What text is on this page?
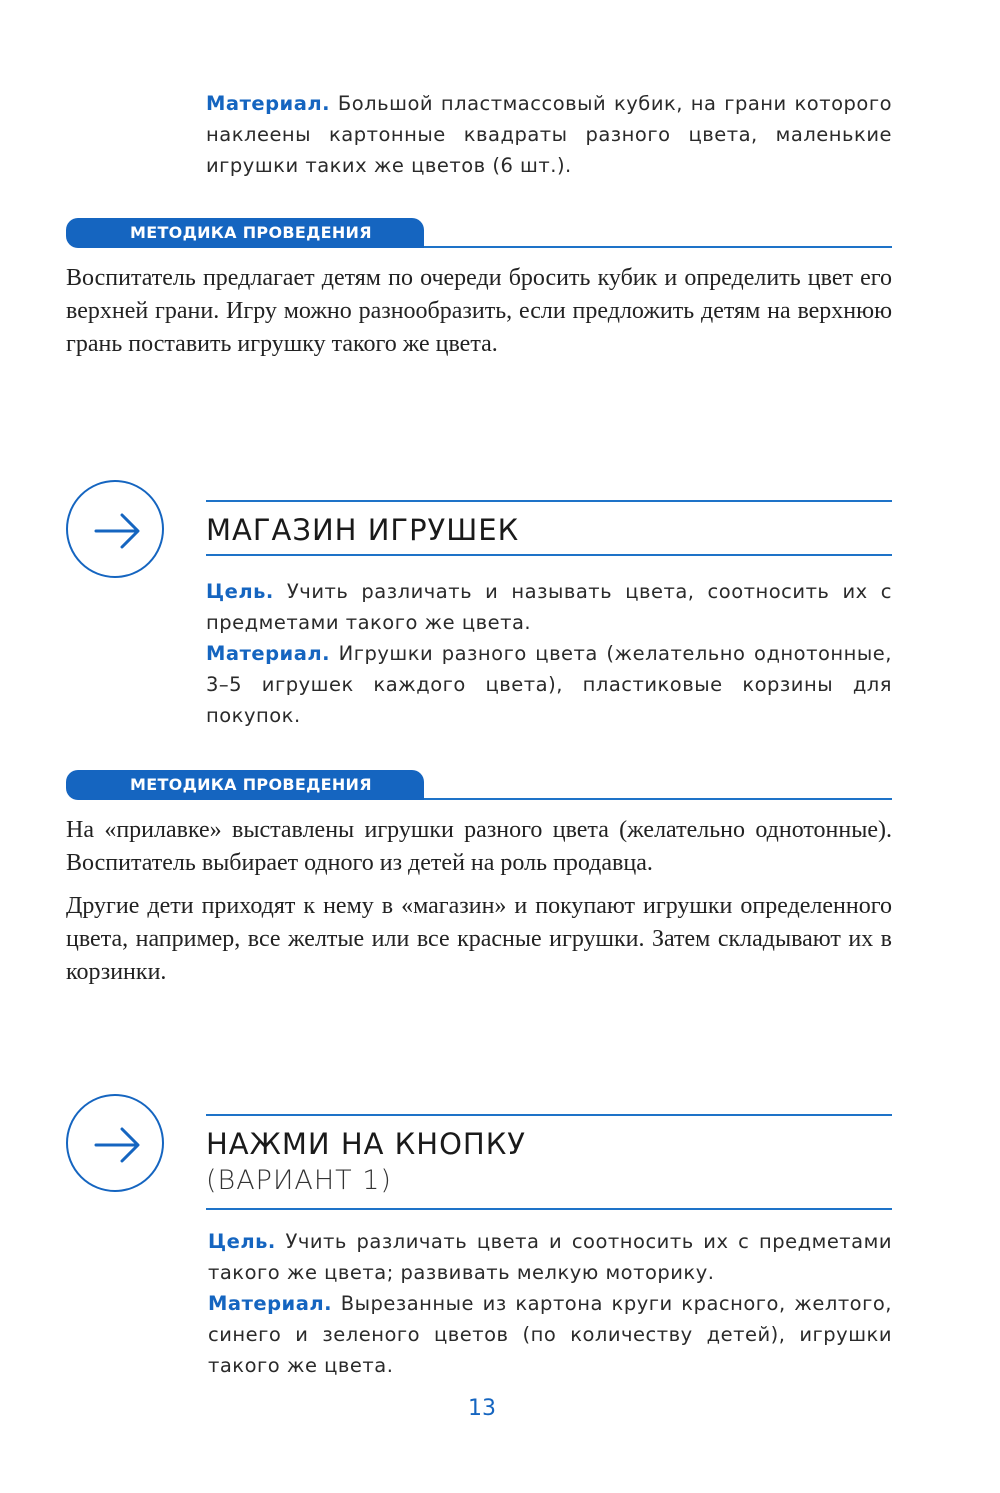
Материал. Большой пластмассовый кубик, на грани которого наклеены картонные квадраты разного цвета, маленькие игрушки таких же цветов (6 шт.).

МЕТОДИКА ПРОВЕДЕНИЯ

Воспитатель предлагает детям по очереди бросить кубик и определить цвет его верхней грани. Игру можно разнообразить, если предложить детям на верхнюю грань поставить игрушку такого же цвета.

МАГАЗИН ИГРУШЕК

Цель. Учить различать и называть цвета, соотносить их с предметами такого же цвета.

Материал. Игрушки разного цвета (желательно однотонные, 3–5 игрушек каждого цвета), пластиковые корзины для покупок.

МЕТОДИКА ПРОВЕДЕНИЯ

На «прилавке» выставлены игрушки разного цвета (желательно однотонные). Воспитатель выбирает одного из детей на роль продавца.

Другие дети приходят к нему в «магазин» и покупают игрушки определенного цвета, например, все желтые или все красные игрушки. Затем складывают их в корзинки.

НАЖМИ НА КНОПКУ
(ВАРИАНТ 1)

Цель. Учить различать цвета и соотносить их с предметами такого же цвета; развивать мелкую моторику.

Материал. Вырезанные из картона круги красного, желтого, синего и зеленого цветов (по количеству детей), игрушки такого же цвета.

13
